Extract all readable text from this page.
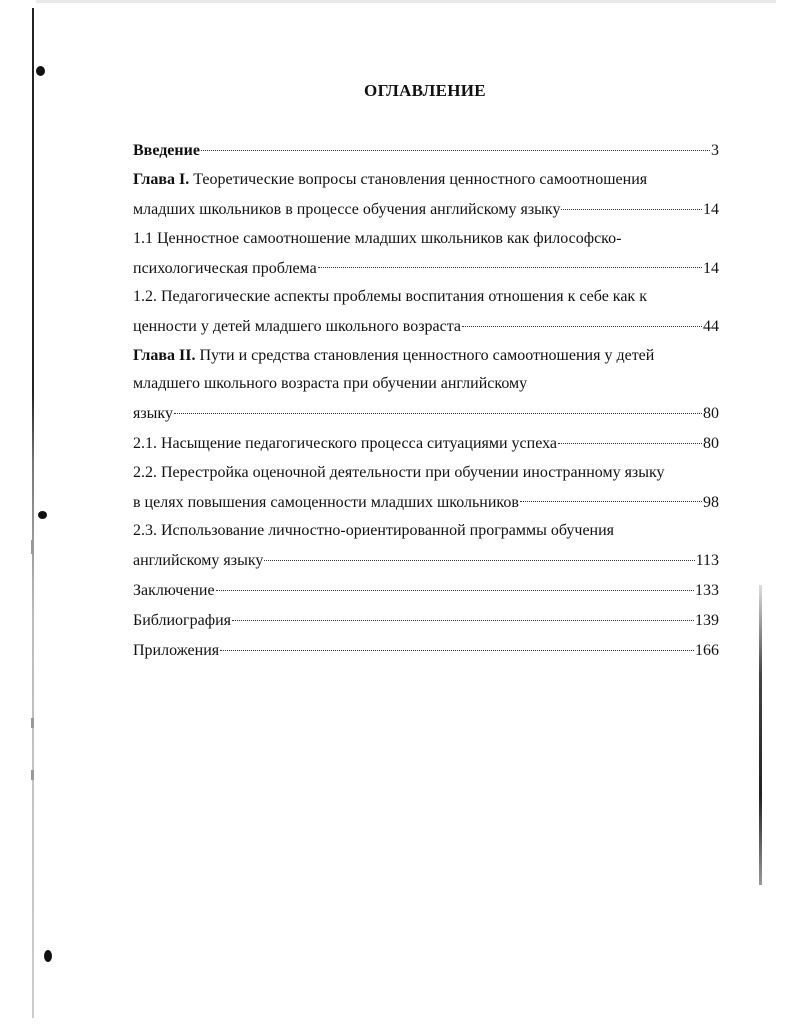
ОГЛАВЛЕНИЕ
Введение	3
Глава I. Теоретические вопросы становления ценностного самоотношения
младших школьников в процессе обучения английскому языку	14
1.1 Ценностное самоотношение младших школьников как философско-
психологическая проблема	14
1.2. Педагогические аспекты проблемы воспитания отношения к себе как к
ценности у детей младшего школьного возраста	44
Глава II. Пути и средства становления ценностного самоотношения у детей
младшего школьного возраста при обучении английскому
языку	80
2.1. Насыщение педагогического процесса ситуациями успеха	80
2.2. Перестройка оценочной деятельности при обучении иностранному языку
в целях повышения самоценности младших школьников	98
2.3. Использование личностно-ориентированной программы обучения
английскому языку	113
Заключение	133
Библиография	139
Приложения	166
